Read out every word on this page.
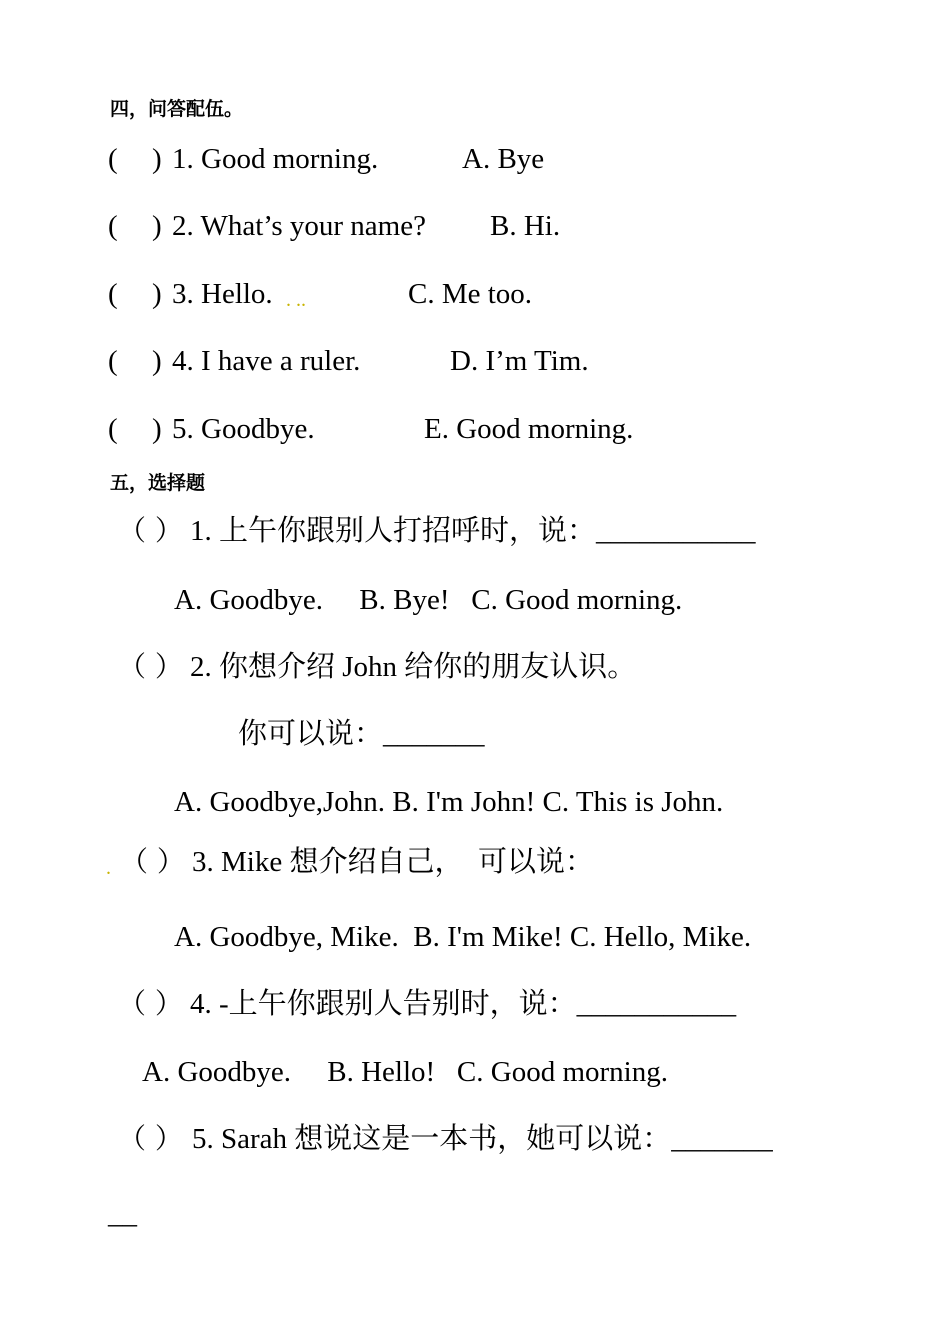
四，问答配伍。
( ) 1. Good morning.	A. Bye
( ) 2. What’s your name? B. Hi.
( ) 3. Hello. . ..	C. Me too.
( ) 4. I have a ruler.	D. I’m Tim.
( ) 5. Goodbye.	E. Good morning.
五，选择题
（ ） 1. 上午你跟别人打招呼时，说：___________
A. Goodbye.     B. Bye!   C. Good morning.
（ ） 2. 你想介绍 John 给你的朋友认识。
你可以说：_______
A. Goodbye,John. B. I'm John! C. This is John.
. （ ） 3. Mike 想介绍自己，  可以说：
A. Goodbye, Mike.  B. I'm Mike! C. Hello, Mike.
（ ） 4. -上午你跟别人告别时，说：___________
A. Goodbye.     B. Hello!   C. Good morning.
（ ） 5. Sarah 想说这是一本书，她可以说：_______
__
